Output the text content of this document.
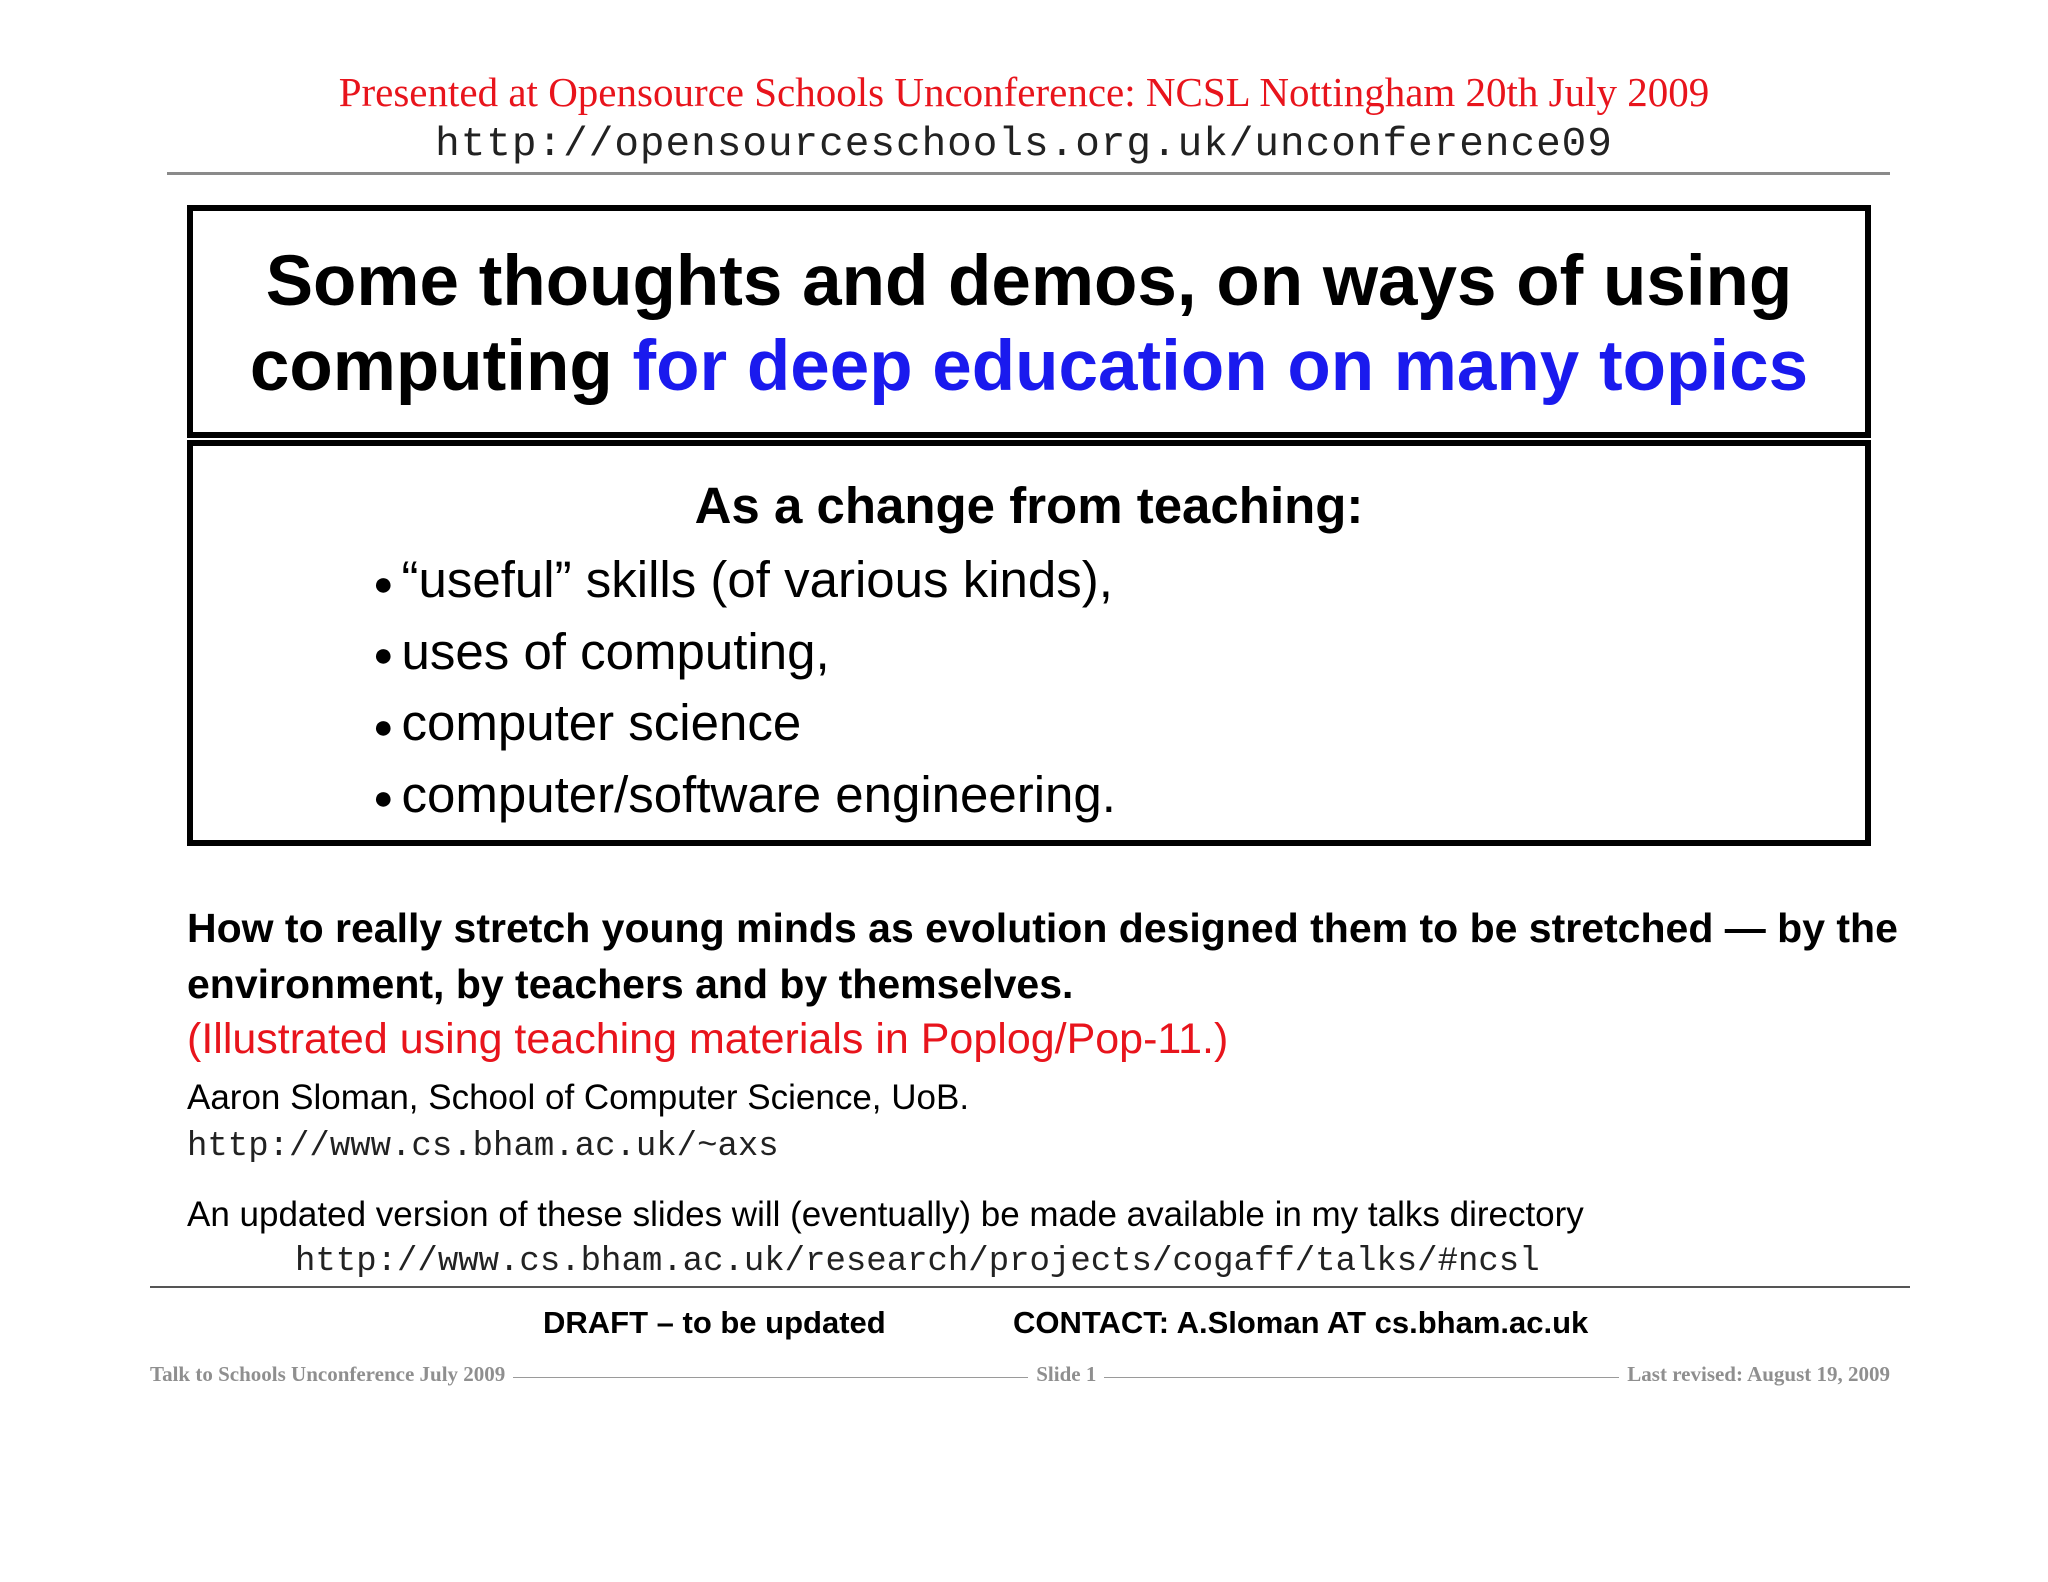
Presented at Opensource Schools Unconference: NCSL Nottingham 20th July 2009
http://opensourceschools.org.uk/unconference09
Some thoughts and demos, on ways of using
computing for deep education on many topics
As a change from teaching:
● “useful” skills (of various kinds),
● uses of computing,
● computer science
● computer/software engineering.
How to really stretch young minds as evolution designed them to be stretched — by the environment, by teachers and by themselves.
(Illustrated using teaching materials in Poplog/Pop-11.)
Aaron Sloman, School of Computer Science, UoB.
http://www.cs.bham.ac.uk/~axs
An updated version of these slides will (eventually) be made available in my talks directory
http://www.cs.bham.ac.uk/research/projects/cogaff/talks/#ncsl
DRAFT – to be updated	CONTACT: A.Sloman AT cs.bham.ac.uk
Talk to Schools Unconference July 2009	Slide 1	Last revised: August 19, 2009
